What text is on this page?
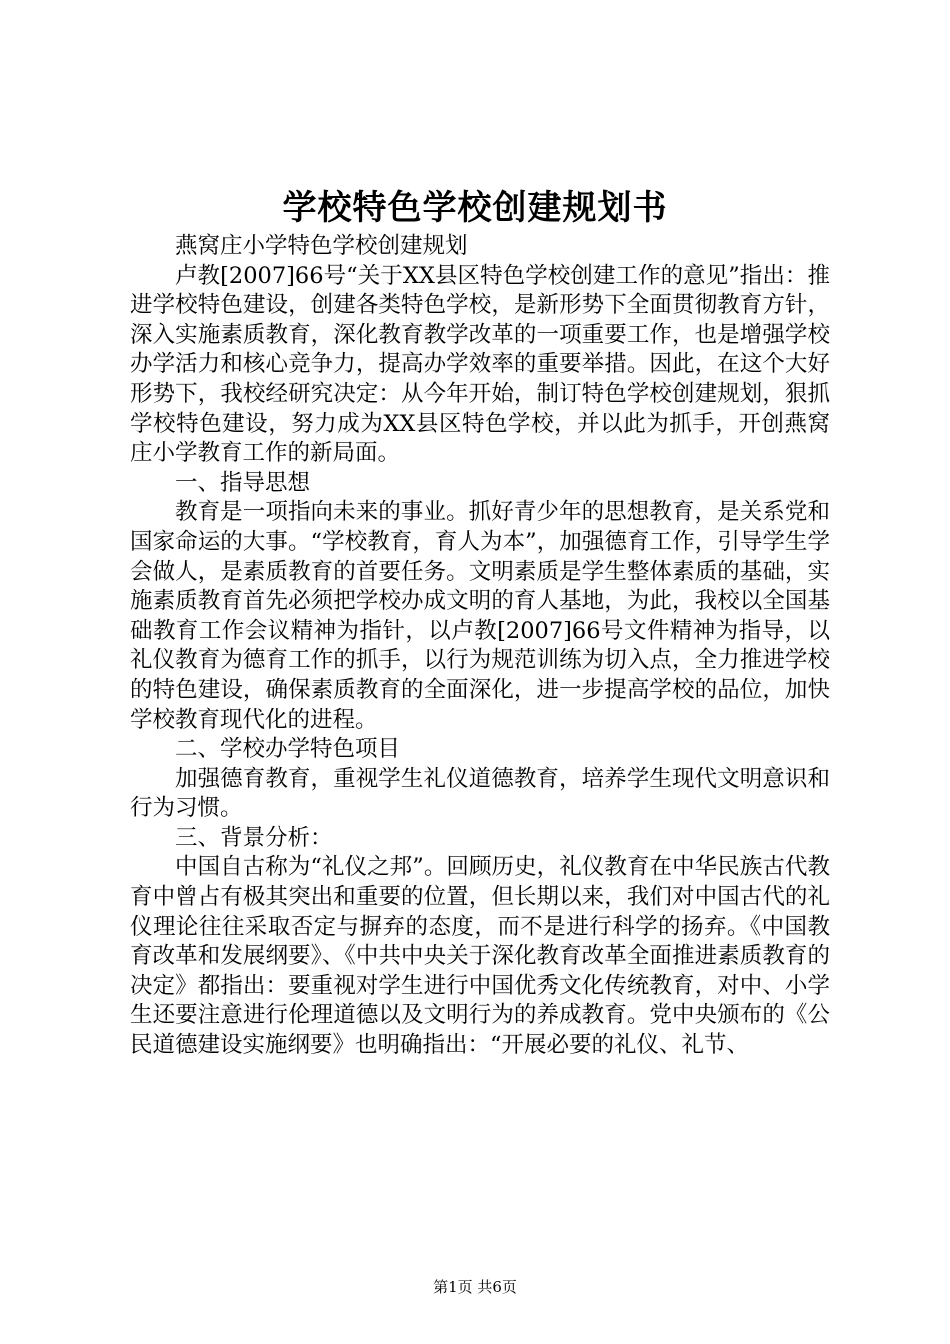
学校特色学校创建规划书

燕窝庄小学特色学校创建规划

卢教[2007]66号“关于XX县区特色学校创建工作的意见”指出：推进学校特色建设，创建各类特色学校，是新形势下全面贯彻教育方针，深入实施素质教育，深化教育教学改革的一项重要工作，也是增强学校办学活力和核心竞争力，提高办学效率的重要举措。因此，在这个大好形势下，我校经研究决定：从今年开始，制订特色学校创建规划，狠抓学校特色建设，努力成为XX县区特色学校，并以此为抓手，开创燕窝庄小学教育工作的新局面。

一、指导思想

教育是一项指向未来的事业。抓好青少年的思想教育，是关系党和国家命运的大事。“学校教育，育人为本”，加强德育工作，引导学生学会做人，是素质教育的首要任务。文明素质是学生整体素质的基础，实施素质教育首先必须把学校办成文明的育人基地，为此，我校以全国基础教育工作会议精神为指针，以卢教[2007]66号文件精神为指导，以礼仪教育为德育工作的抓手，以行为规范训练为切入点，全力推进学校的特色建设，确保素质教育的全面深化，进一步提高学校的品位，加快学校教育现代化的进程。

二、学校办学特色项目

加强德育教育，重视学生礼仪道德教育，培养学生现代文明意识和行为习惯。

三、背景分析：

中国自古称为“礼仪之邦”。回顾历史，礼仪教育在中华民族古代教育中曾占有极其突出和重要的位置，但长期以来，我们对中国古代的礼仪理论往往采取否定与摒弃的态度，而不是进行科学的扬弃。《中国教育改革和发展纲要》、《中共中央关于深化教育改革全面推进素质教育的决定》都指出：要重视对学生进行中国优秀文化传统教育，对中、小学生还要注意进行伦理道德以及文明行为的养成教育。党中央颁布的《公民道德建设实施纲要》也明确指出：“开展必要的礼仪、礼节、

第1页 共6页
